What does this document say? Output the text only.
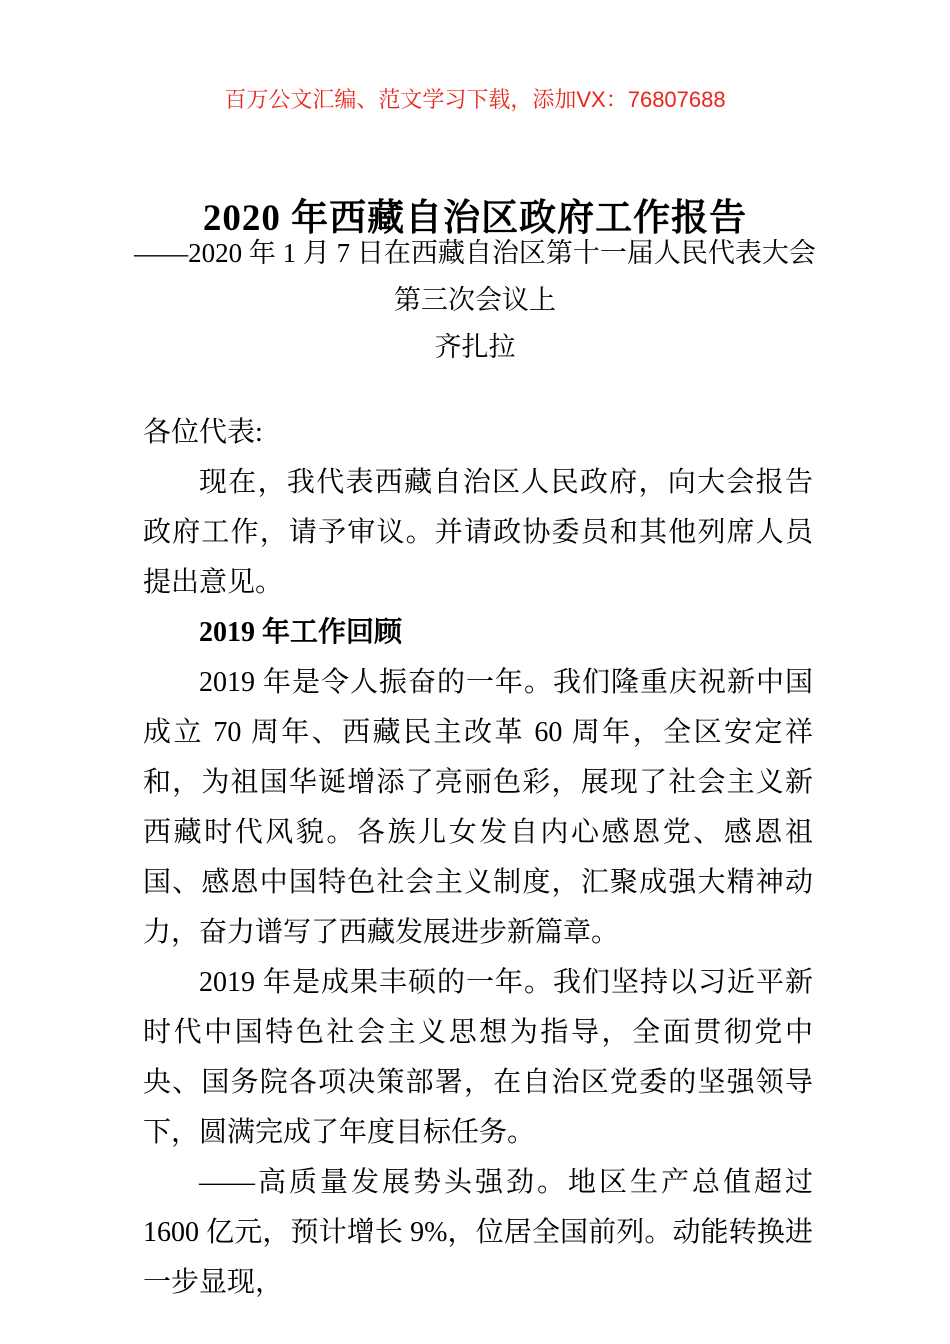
百万公文汇编、范文学习下载，添加VX：76807688
2020 年西藏自治区政府工作报告
——2020 年 1 月 7 日在西藏自治区第十一届人民代表大会
第三次会议上
齐扎拉

各位代表:

现在，我代表西藏自治区人民政府，向大会报告政府工作，请予审议。并请政协委员和其他列席人员提出意见。

2019 年工作回顾

2019 年是令人振奋的一年。我们隆重庆祝新中国成立 70 周年、西藏民主改革 60 周年，全区安定祥和，为祖国华诞增添了亮丽色彩，展现了社会主义新西藏时代风貌。各族儿女发自内心感恩党、感恩祖国、感恩中国特色社会主义制度，汇聚成强大精神动力，奋力谱写了西藏发展进步新篇章。

2019 年是成果丰硕的一年。我们坚持以习近平新时代中国特色社会主义思想为指导，全面贯彻党中央、国务院各项决策部署，在自治区党委的坚强领导下，圆满完成了年度目标任务。

——高质量发展势头强劲。地区生产总值超过 1600 亿元，预计增长 9%，位居全国前列。动能转换进一步显现，
